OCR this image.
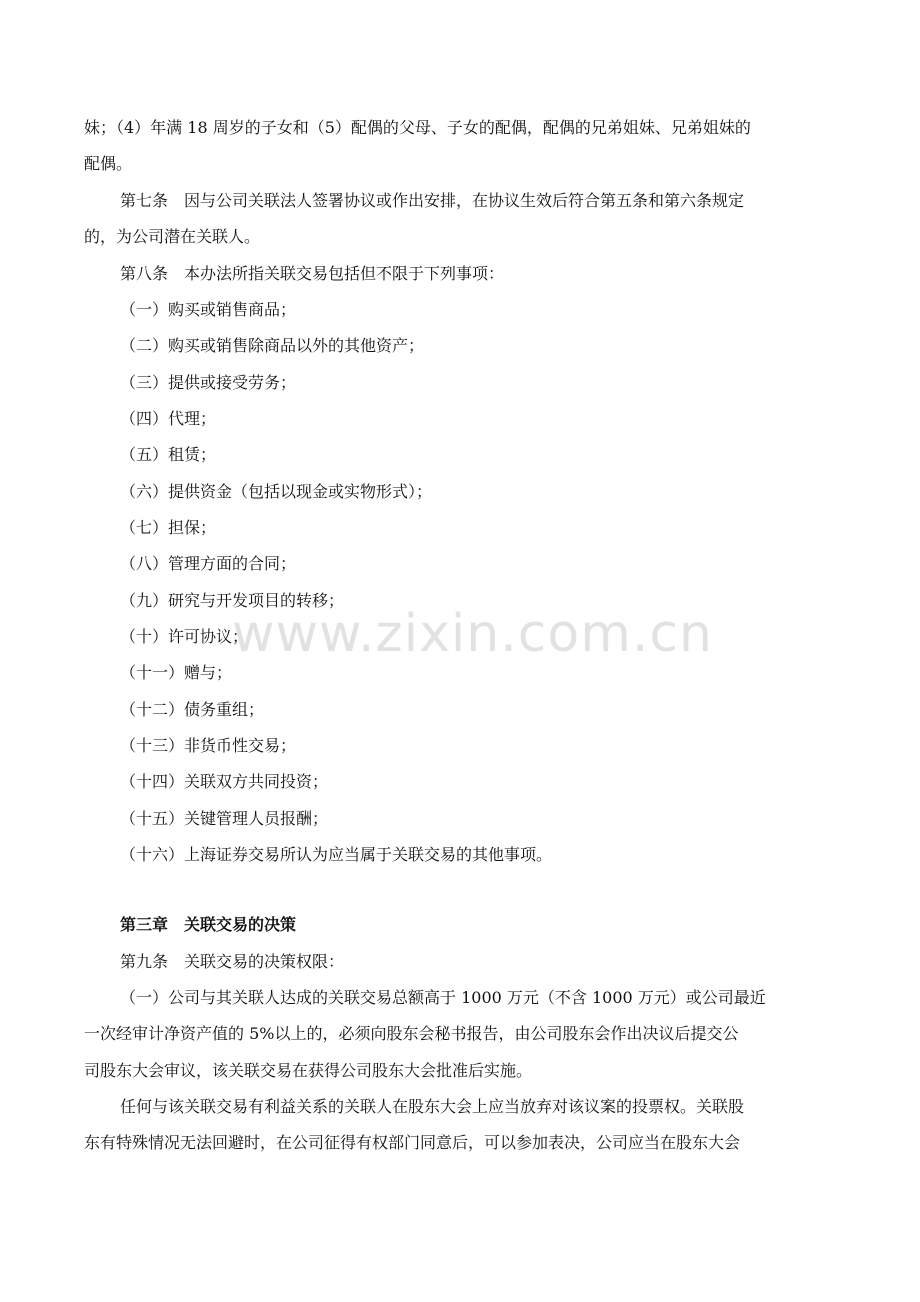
www.zixin.com.cn
妹；（4）年满 18 周岁的子女和（5）配偶的父母、子女的配偶，配偶的兄弟姐妹、兄弟姐妹的
配偶。
第七条　因与公司关联法人签署协议或作出安排，在协议生效后符合第五条和第六条规定
的，为公司潜在关联人。
第八条　本办法所指关联交易包括但不限于下列事项：
（一）购买或销售商品；
（二）购买或销售除商品以外的其他资产；
（三）提供或接受劳务；
（四）代理；
（五）租赁；
（六）提供资金（包括以现金或实物形式）；
（七）担保；
（八）管理方面的合同；
（九）研究与开发项目的转移；
（十）许可协议；
（十一）赠与；
（十二）债务重组；
（十三）非货币性交易；
（十四）关联双方共同投资；
（十五）关键管理人员报酬；
（十六）上海证券交易所认为应当属于关联交易的其他事项。
第三章　关联交易的决策
第九条　关联交易的决策权限：
（一）公司与其关联人达成的关联交易总额高于 1000 万元（不含 1000 万元）或公司最近
一次经审计净资产值的 5%以上的，必须向股东会秘书报告，由公司股东会作出决议后提交公
司股东大会审议，该关联交易在获得公司股东大会批准后实施。
任何与该关联交易有利益关系的关联人在股东大会上应当放弃对该议案的投票权。关联股
东有特殊情况无法回避时，在公司征得有权部门同意后，可以参加表决，公司应当在股东大会
